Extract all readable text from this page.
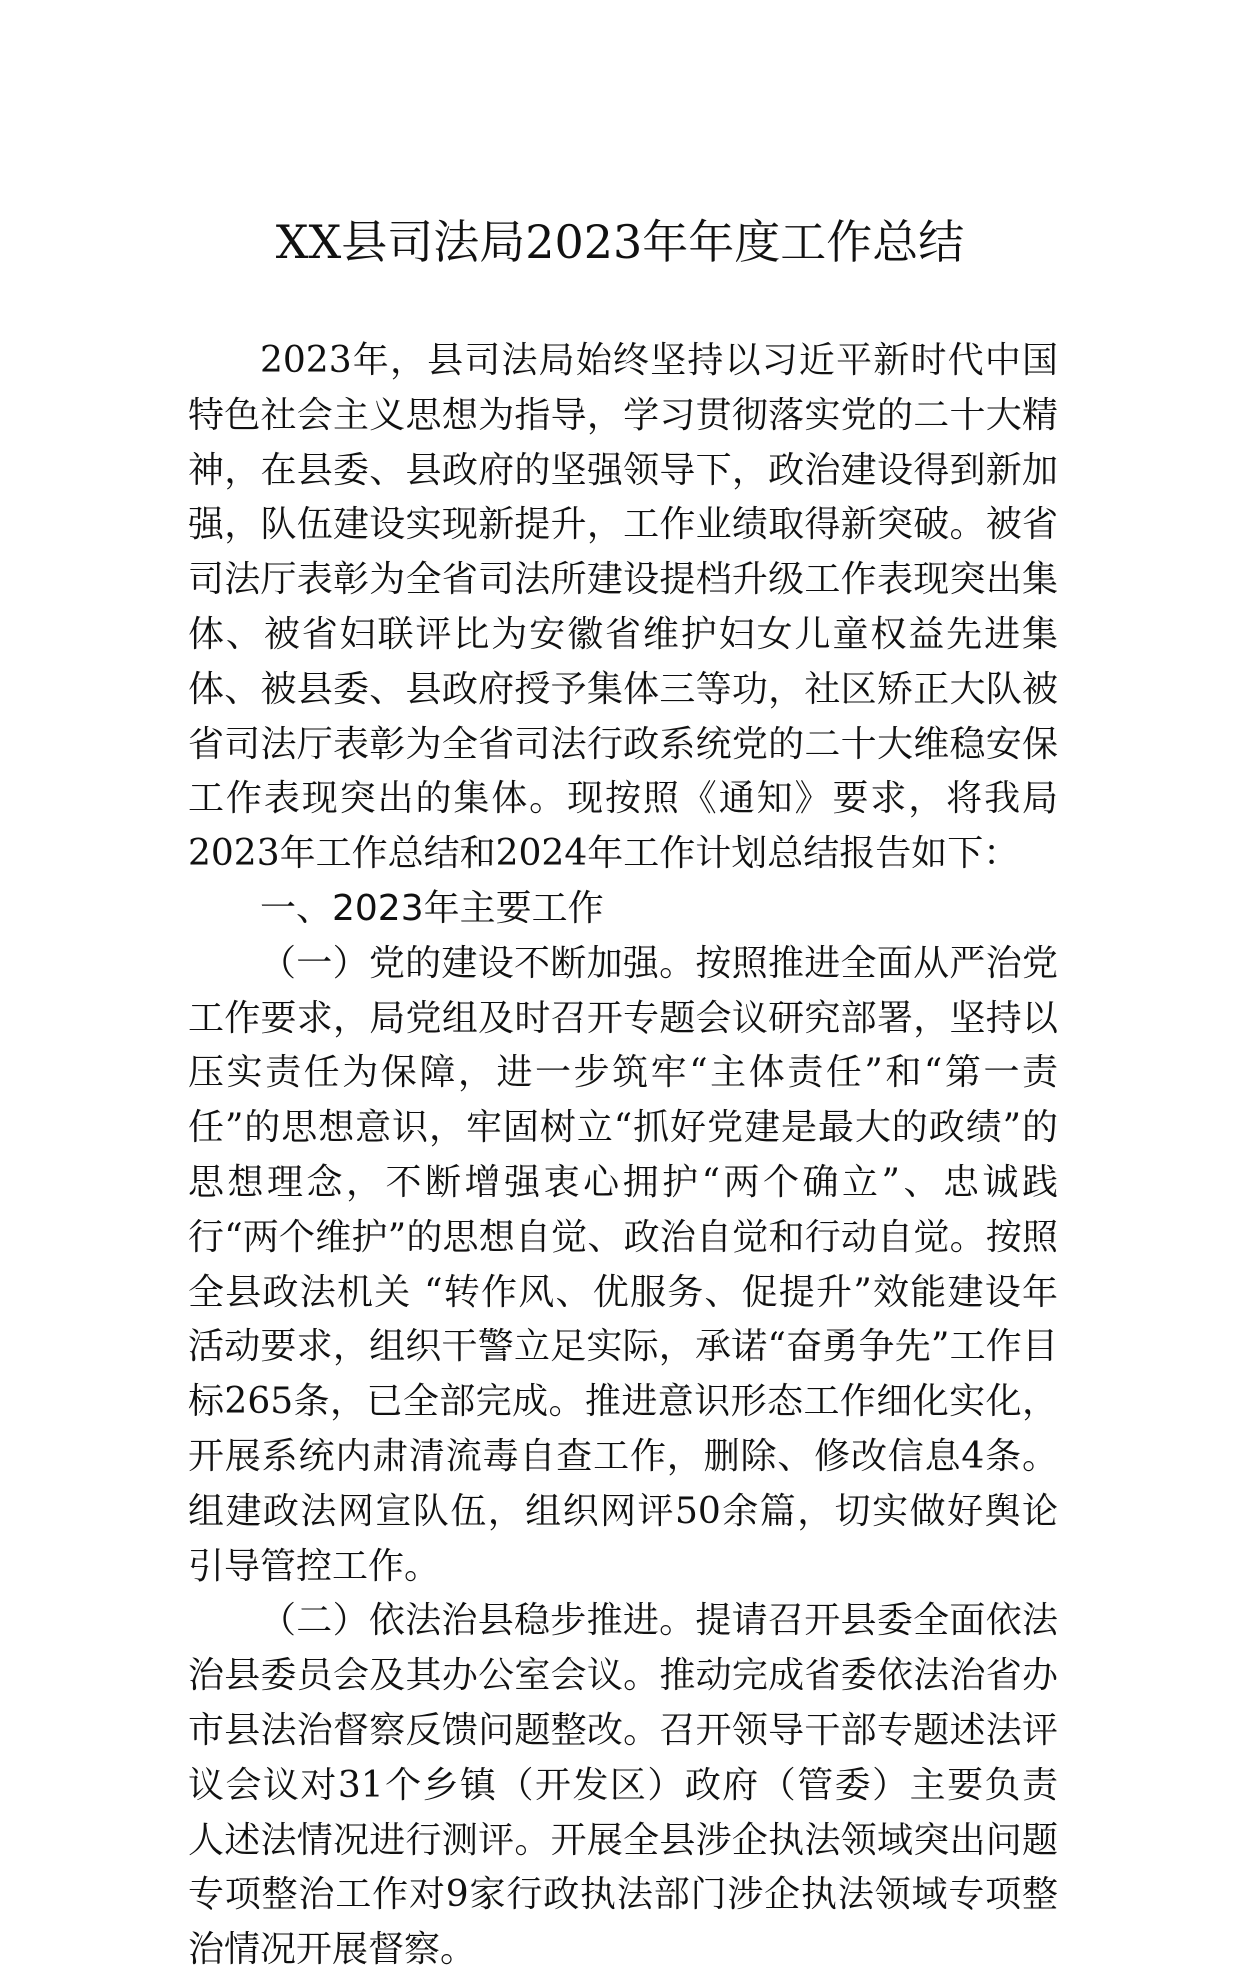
XX县司法局2023年年度工作总结

2023年，县司法局始终坚持以习近平新时代中国特色社会主义思想为指导，学习贯彻落实党的二十大精神，在县委、县政府的坚强领导下，政治建设得到新加强，队伍建设实现新提升，工作业绩取得新突破。被省司法厅表彰为全省司法所建设提档升级工作表现突出集体、被省妇联评比为安徽省维护妇女儿童权益先进集体、被县委、县政府授予集体三等功，社区矫正大队被省司法厅表彰为全省司法行政系统党的二十大维稳安保工作表现突出的集体。现按照《通知》要求，将我局2023年工作总结和2024年工作计划总结报告如下：

一、2023年主要工作

（一）党的建设不断加强。按照推进全面从严治党工作要求，局党组及时召开专题会议研究部署，坚持以压实责任为保障，进一步筑牢“主体责任”和“第一责任”的思想意识，牢固树立“抓好党建是最大的政绩”的思想理念，不断增强衷心拥护“两个确立”、忠诚践行“两个维护”的思想自觉、政治自觉和行动自觉。按照全县政法机关 “转作风、优服务、促提升”效能建设年活动要求，组织干警立足实际，承诺“奋勇争先”工作目标265条，已全部完成。推进意识形态工作细化实化，开展系统内肃清流毒自查工作，删除、修改信息4条。组建政法网宣队伍，组织网评50余篇，切实做好舆论引导管控工作。

（二）依法治县稳步推进。提请召开县委全面依法治县委员会及其办公室会议。推动完成省委依法治省办市县法治督察反馈问题整改。召开领导干部专题述法评议会议对31个乡镇（开发区）政府（管委）主要负责人述法情况进行测评。开展全县涉企执法领域突出问题专项整治工作对9家行政执法部门涉企执法领域专项整治情况开展督察。
